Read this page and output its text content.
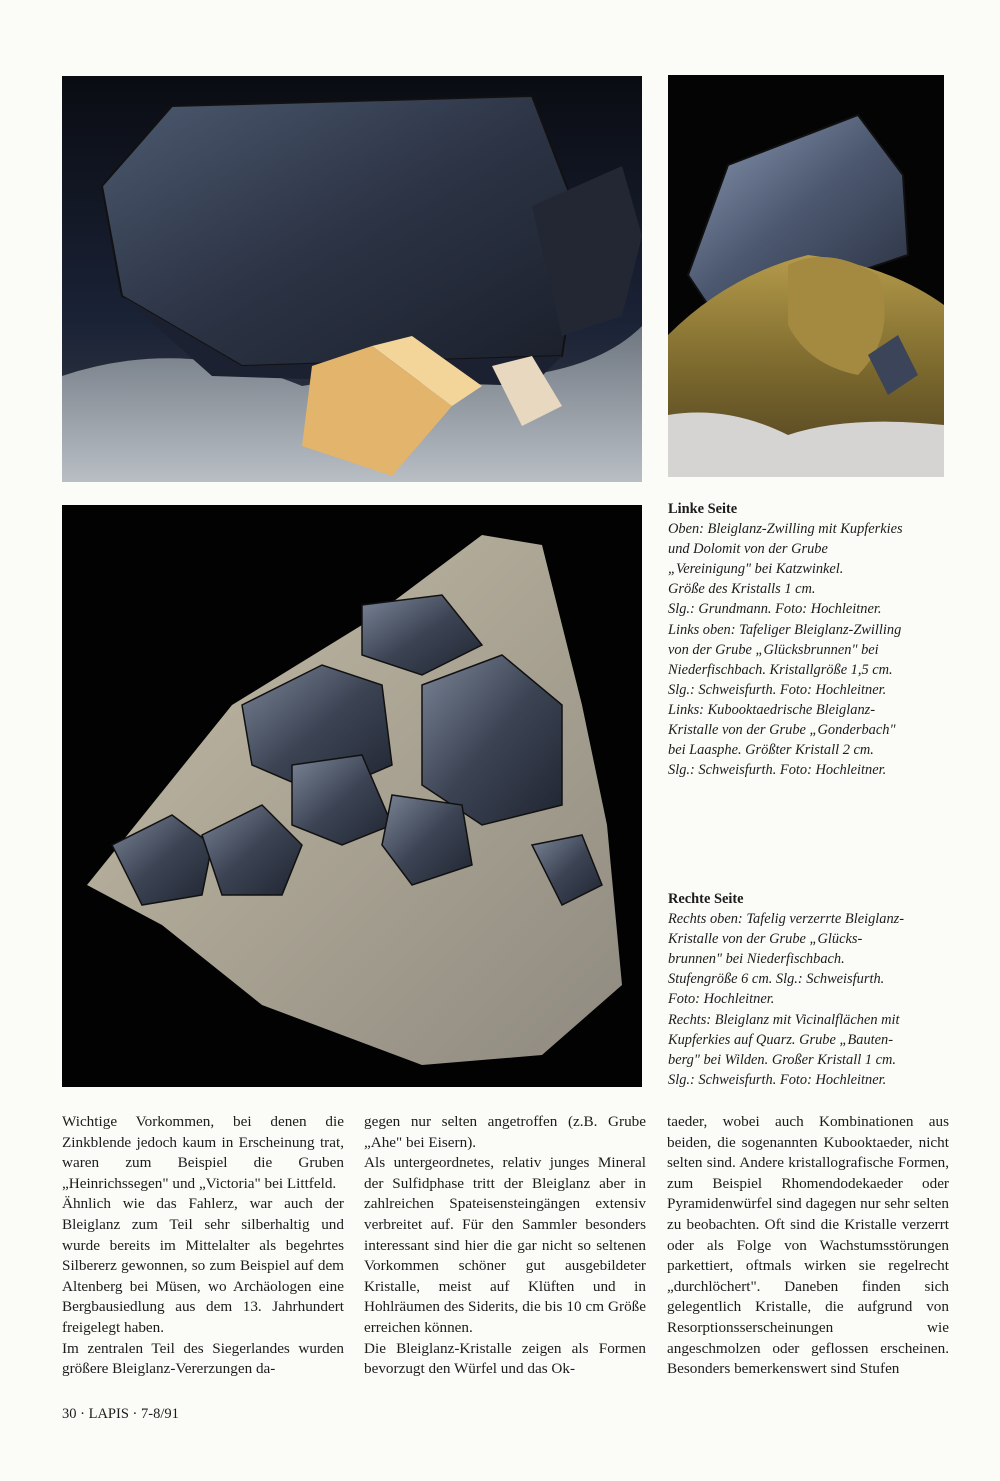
Linke Seite
Oben: Bleiglanz-Zwilling mit Kupferkies
und Dolomit von der Grube
„Vereinigung" bei Katzwinkel.
Größe des Kristalls 1 cm.
Slg.: Grundmann. Foto: Hochleitner.
Links oben: Tafeliger Bleiglanz-Zwilling
von der Grube „Glücksbrunnen" bei
Niederfischbach. Kristallgröße 1,5 cm.
Slg.: Schweisfurth. Foto: Hochleitner.
Links: Kubooktaedrische Bleiglanz-
Kristalle von der Grube „Gonderbach"
bei Laasphe. Größter Kristall 2 cm.
Slg.: Schweisfurth. Foto: Hochleitner.
Rechte Seite
Rechts oben: Tafelig verzerrte Bleiglanz-
Kristalle von der Grube „Glücks-
brunnen" bei Niederfischbach.
Stufengröße 6 cm. Slg.: Schweisfurth.
Foto: Hochleitner.
Rechts: Bleiglanz mit Vicinalflächen mit
Kupferkies auf Quarz. Grube „Bauten-
berg" bei Wilden. Großer Kristall 1 cm.
Slg.: Schweisfurth. Foto: Hochleitner.

Wichtige Vorkommen, bei denen die Zinkblende jedoch kaum in Erscheinung trat, waren zum Beispiel die Gruben „Heinrichssegen" und „Victoria" bei Littfeld.

Ähnlich wie das Fahlerz, war auch der Bleiglanz zum Teil sehr silberhaltig und wurde bereits im Mittelalter als begehrtes Silbererz gewonnen, so zum Beispiel auf dem Altenberg bei Müsen, wo Archäologen eine Bergbausiedlung aus dem 13. Jahrhundert freigelegt haben.

Im zentralen Teil des Siegerlandes wurden größere Bleiglanz-Vererzungen da-

gegen nur selten angetroffen (z.B. Grube „Ahe" bei Eisern).

Als untergeordnetes, relativ junges Mineral der Sulfidphase tritt der Bleiglanz aber in zahlreichen Spateisensteingängen extensiv verbreitet auf. Für den Sammler besonders interessant sind hier die gar nicht so seltenen Vorkommen schöner gut ausgebildeter Kristalle, meist auf Klüften und in Hohlräumen des Siderits, die bis 10 cm Größe erreichen können.

Die Bleiglanz-Kristalle zeigen als Formen bevorzugt den Würfel und das Ok-

taeder, wobei auch Kombinationen aus beiden, die sogenannten Kubooktaeder, nicht selten sind. Andere kristallografische Formen, zum Beispiel Rhomendodekaeder oder Pyramidenwürfel sind dagegen nur sehr selten zu beobachten. Oft sind die Kristalle verzerrt oder als Folge von Wachstumsstörungen parkettiert, oftmals wirken sie regelrecht „durchlöchert". Daneben finden sich gelegentlich Kristalle, die aufgrund von Resorptionsserscheinungen wie angeschmolzen oder geflossen erscheinen. Besonders bemerkenswert sind Stufen

30 · LAPIS · 7-8/91
